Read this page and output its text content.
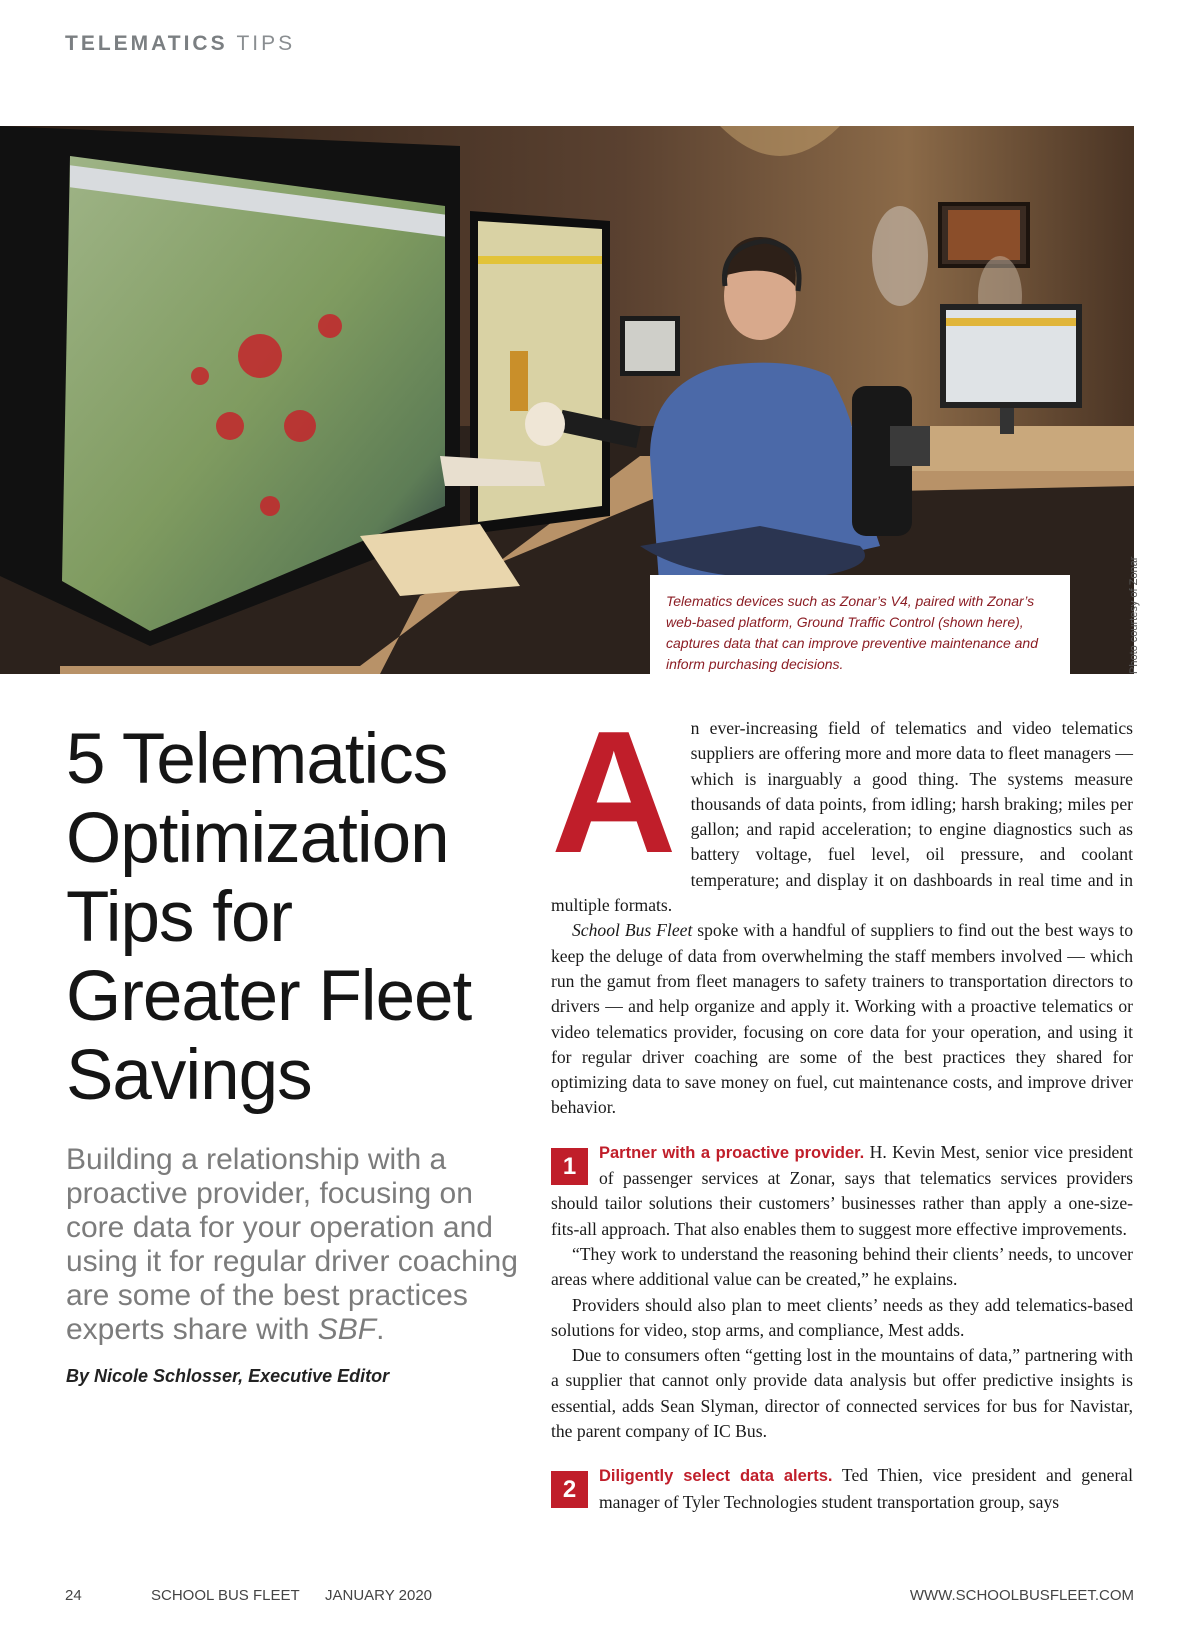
TELEMATICS TIPS
Telematics devices such as Zonar’s V4, paired with Zonar’s web-based platform, Ground Traffic Control (shown here), captures data that can improve preventive maintenance and inform purchasing decisions.	Photo courtesy of Zonar
5 Telematics Optimization Tips for Greater Fleet Savings

Building a relationship with a proactive provider, focusing on core data for your operation and using it for regular driver coaching are some of the best practices experts share with SBF.

By Nicole Schlosser, Executive Editor

An ever-increasing field of telematics and video telematics suppliers are offering more and more data to fleet managers — which is inarguably a good thing. The systems measure thousands of data points, from idling; harsh braking; miles per gallon; and rapid acceleration; to engine diagnostics such as battery voltage, fuel level, oil pressure, and coolant temperature; and display it on dashboards in real time and in multiple formats.

School Bus Fleet spoke with a handful of suppliers to find out the best ways to keep the deluge of data from overwhelming the staff members involved — which run the gamut from fleet managers to safety trainers to transportation directors to drivers — and help organize and apply it. Working with a proactive telematics or video telematics provider, focusing on core data for your operation, and using it for regular driver coaching are some of the best practices they shared for optimizing data to save money on fuel, cut maintenance costs, and improve driver behavior.

1	Partner with a proactive provider. H. Kevin Mest, senior vice president of passenger services at Zonar, says that telematics services providers should tailor solutions their customers’ businesses rather than apply a one-size-fits-all approach. That also enables them to suggest more effective improvements.

“They work to understand the reasoning behind their clients’ needs, to uncover areas where additional value can be created,” he explains.

Providers should also plan to meet clients’ needs as they add telematics-based solutions for video, stop arms, and compliance, Mest adds.

Due to consumers often “getting lost in the mountains of data,” partnering with a supplier that cannot only provide data analysis but offer predictive insights is essential, adds Sean Slyman, director of connected services for bus for Navistar, the parent company of IC Bus.

2	Diligently select data alerts. Ted Thien, vice president and general manager of Tyler Technologies student transportation group, says

24	SCHOOL BUS FLEET JANUARY 2020	WWW.SCHOOLBUSFLEET.COM
